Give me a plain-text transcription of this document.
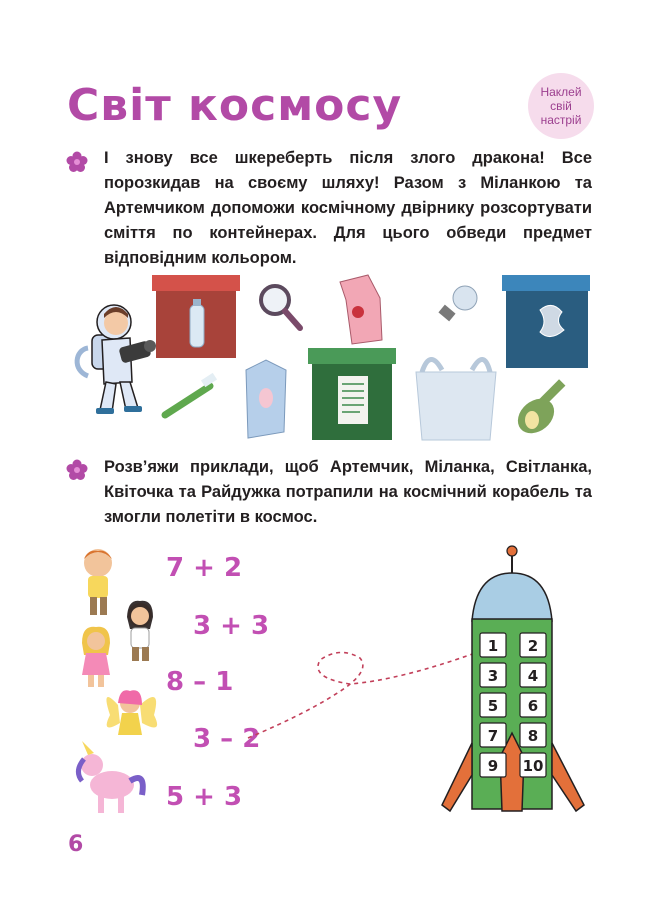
Світ космосу	Наклей
свій
настрій

І знову все шкереберть після злого дракона! Все порозкидав на своєму шляху! Разом з Міланкою та Артемчиком допоможи космічному двірнику розсортувати сміття по контейнерах. Для цього обведи предмет відповідним кольором.

Розв’яжи приклади, щоб Артемчик, Міланка, Світланка, Квіточка та Райдужка потрапили на космічний корабель та змогли полетіти в космос.

7 + 2
3 + 3
8 – 1
3 – 2
5 + 3
1 2
3 4
5 6
7 8
9 10
6
